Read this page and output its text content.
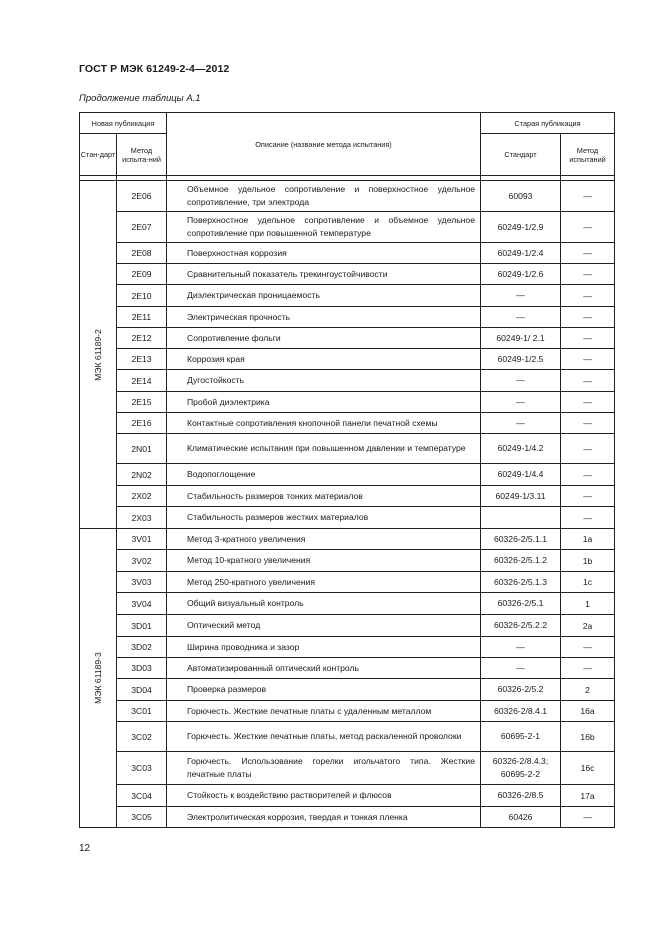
ГОСТ Р МЭК 61249-2-4—2012
Продолжение таблицы А.1
Новая публикация		Описание (название метода испытания)	Старая публикация	
Стан-дарт	Метод испыта-ний		Стандарт	Метод испытаний

МЭК 61189-2	2E06	Объемное удельное сопротивление и поверхностное удельное сопротивление, три электрода	60093	—
	2E07	Поверхностное удельное сопротивление и объемное удельное сопротивление при повышенной температуре	60249-1/2.9	—
	2E08	Поверхностная коррозия	60249-1/2.4	—
	2E09	Сравнительный показатель трекингоустойчивости	60249-1/2.6	—
	2E10	Диэлектрическая проницаемость	—	—
	2E11	Электрическая прочность	—	—
	2E12	Сопротивление фольги	60249-1/ 2.1	—
	2E13	Коррозия края	60249-1/2.5	—
	2E14	Дугостойкость	—	—
	2E15	Пробой диэлектрика	—	—
	2E16	Контактные сопротивления кнопочной панели печатной схемы	—	—
	2N01	Климатические испытания при повышенном давлении и температуре	60249-1/4.2	—
	2N02	Водопоглощение	60249-1/4.4	—
	2X02	Стабильность размеров тонких материалов	60249-1/3.11	—
	2X03	Стабильность размеров жестких материалов		—

МЭК 61189-3	3V01	Метод 3-кратного увеличения	60326-2/5.1.1	1a
	3V02	Метод 10-кратного увеличения	60326-2/5.1.2	1b
	3V03	Метод 250-кратного увеличения	60326-2/5.1.3	1c
	3V04	Общий визуальный контроль	60326-2/5.1	1
	3D01	Оптический метод	60326-2/5.2.2	2a
	3D02	Ширина проводника и зазор	—	—
	3D03	Автоматизированный оптический контроль	—	—
	3D04	Проверка размеров	60326-2/5.2	2
	3C01	Горючесть. Жесткие печатные платы с удаленным металлом	60326-2/8.4.1	16a
	3C02	Горючесть. Жесткие печатные платы, метод раскаленной проволоки	60695-2-1	16b
	3C03	Горючесть. Использование горелки игольчатого типа. Жесткие печатные платы	60326-2/8.4.3; 60695-2-2	16c
	3C04	Стойкость к воздействию растворителей и флюсов	60326-2/8.5	17a
	3C05	Электролитическая коррозия, твердая и тонкая пленка	60426	—
12
